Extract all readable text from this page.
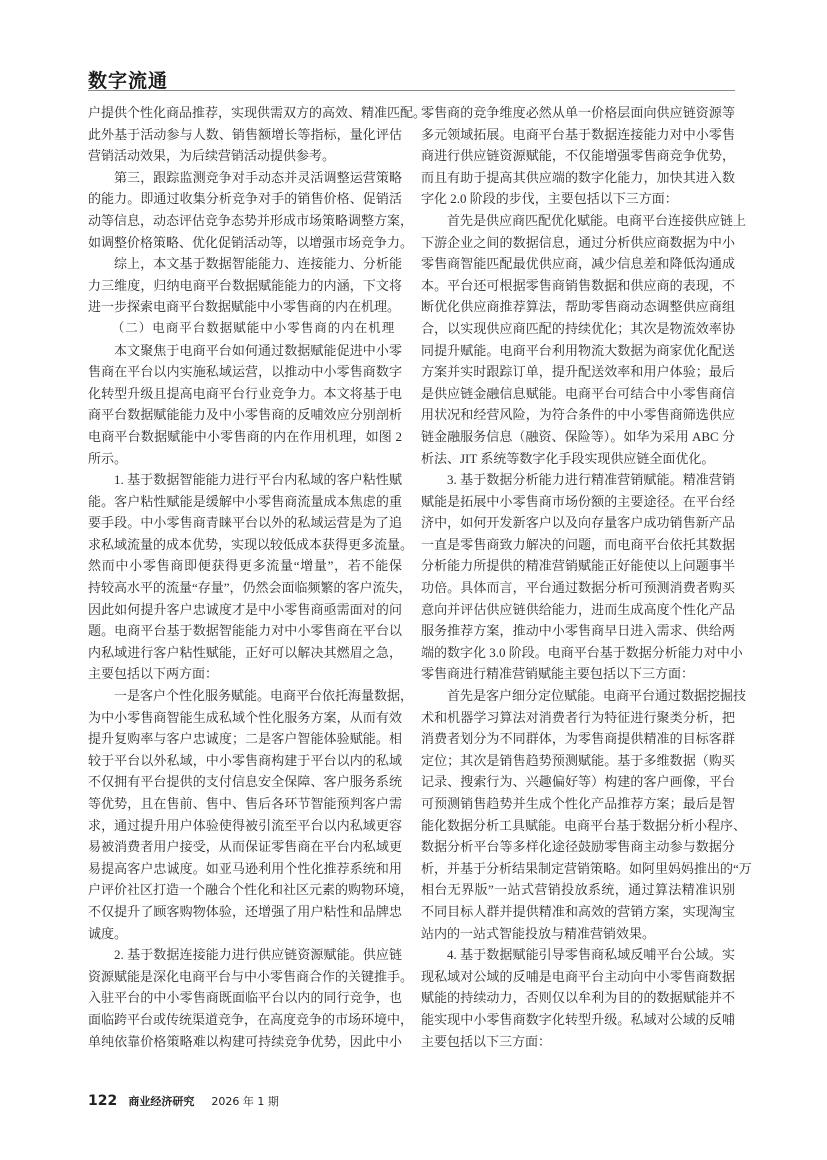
数字流通
户提供个性化商品推荐，实现供需双方的高效、精准匹配。
此外基于活动参与人数、销售额增长等指标，量化评估
营销活动效果，为后续营销活动提供参考。
第三，跟踪监测竞争对手动态并灵活调整运营策略
的能力。即通过收集分析竞争对手的销售价格、促销活
动等信息，动态评估竞争态势并形成市场策略调整方案，
如调整价格策略、优化促销活动等，以增强市场竞争力。
综上，本文基于数据智能能力、连接能力、分析能
力三维度，归纳电商平台数据赋能能力的内涵，下文将
进一步探索电商平台数据赋能中小零售商的内在机理。
（二）电商平台数据赋能中小零售商的内在机理
本文聚焦于电商平台如何通过数据赋能促进中小零
售商在平台以内实施私域运营，以推动中小零售商数字
化转型升级且提高电商平台行业竞争力。本文将基于电
商平台数据赋能能力及中小零售商的反哺效应分别剖析
电商平台数据赋能中小零售商的内在作用机理，如图 2
所示。
1. 基于数据智能能力进行平台内私域的客户粘性赋
能。客户粘性赋能是缓解中小零售商流量成本焦虑的重
要手段。中小零售商青睐平台以外的私域运营是为了追
求私域流量的成本优势，实现以较低成本获得更多流量。
然而中小零售商即便获得更多流量“增量”，若不能保
持较高水平的流量“存量”，仍然会面临频繁的客户流失，
因此如何提升客户忠诚度才是中小零售商亟需面对的问
题。电商平台基于数据智能能力对中小零售商在平台以
内私域进行客户粘性赋能，正好可以解决其燃眉之急，
主要包括以下两方面：
一是客户个性化服务赋能。电商平台依托海量数据，
为中小零售商智能生成私域个性化服务方案，从而有效
提升复购率与客户忠诚度；二是客户智能体验赋能。相
较于平台以外私域，中小零售商构建于平台以内的私域
不仅拥有平台提供的支付信息安全保障、客户服务系统
等优势，且在售前、售中、售后各环节智能预判客户需
求，通过提升用户体验使得被引流至平台以内私域更容
易被消费者用户接受，从而保证零售商在平台内私域更
易提高客户忠诚度。如亚马逊利用个性化推荐系统和用
户评价社区打造一个融合个性化和社区元素的购物环境，
不仅提升了顾客购物体验，还增强了用户粘性和品牌忠
诚度。
2. 基于数据连接能力进行供应链资源赋能。供应链
资源赋能是深化电商平台与中小零售商合作的关键推手。
入驻平台的中小零售商既面临平台以内的同行竞争，也
面临跨平台或传统渠道竞争，在高度竞争的市场环境中，
单纯依靠价格策略难以构建可持续竞争优势，因此中小
零售商的竞争维度必然从单一价格层面向供应链资源等
多元领域拓展。电商平台基于数据连接能力对中小零售
商进行供应链资源赋能，不仅能增强零售商竞争优势，
而且有助于提高其供应端的数字化能力，加快其进入数
字化 2.0 阶段的步伐，主要包括以下三方面：
首先是供应商匹配优化赋能。电商平台连接供应链上
下游企业之间的数据信息，通过分析供应商数据为中小
零售商智能匹配最优供应商，减少信息差和降低沟通成
本。平台还可根据零售商销售数据和供应商的表现，不
断优化供应商推荐算法，帮助零售商动态调整供应商组
合，以实现供应商匹配的持续优化；其次是物流效率协
同提升赋能。电商平台利用物流大数据为商家优化配送
方案并实时跟踪订单，提升配送效率和用户体验；最后
是供应链金融信息赋能。电商平台可结合中小零售商信
用状况和经营风险，为符合条件的中小零售商筛选供应
链金融服务信息（融资、保险等）。如华为采用 ABC 分
析法、JIT 系统等数字化手段实现供应链全面优化。
3. 基于数据分析能力进行精准营销赋能。精准营销
赋能是拓展中小零售商市场份额的主要途径。在平台经
济中，如何开发新客户以及向存量客户成功销售新产品
一直是零售商致力解决的问题，而电商平台依托其数据
分析能力所提供的精准营销赋能正好能使以上问题事半
功倍。具体而言，平台通过数据分析可预测消费者购买
意向并评估供应链供给能力，进而生成高度个性化产品
服务推荐方案，推动中小零售商早日进入需求、供给两
端的数字化 3.0 阶段。电商平台基于数据分析能力对中小
零售商进行精准营销赋能主要包括以下三方面：
首先是客户细分定位赋能。电商平台通过数据挖掘技
术和机器学习算法对消费者行为特征进行聚类分析，把
消费者划分为不同群体，为零售商提供精准的目标客群
定位；其次是销售趋势预测赋能。基于多维数据（购买
记录、搜索行为、兴趣偏好等）构建的客户画像，平台
可预测销售趋势并生成个性化产品推荐方案；最后是智
能化数据分析工具赋能。电商平台基于数据分析小程序、
数据分析平台等多样化途径鼓励零售商主动参与数据分
析，并基于分析结果制定营销策略。如阿里妈妈推出的“万
相台无界版”一站式营销投放系统，通过算法精准识别
不同目标人群并提供精准和高效的营销方案，实现淘宝
站内的一站式智能投放与精准营销效果。
4. 基于数据赋能引导零售商私域反哺平台公域。实
现私域对公域的反哺是电商平台主动向中小零售商数据
赋能的持续动力，否则仅以牟利为目的的数据赋能并不
能实现中小零售商数字化转型升级。私域对公域的反哺
主要包括以下三方面：
122 商业经济研究 2026 年 1 期
